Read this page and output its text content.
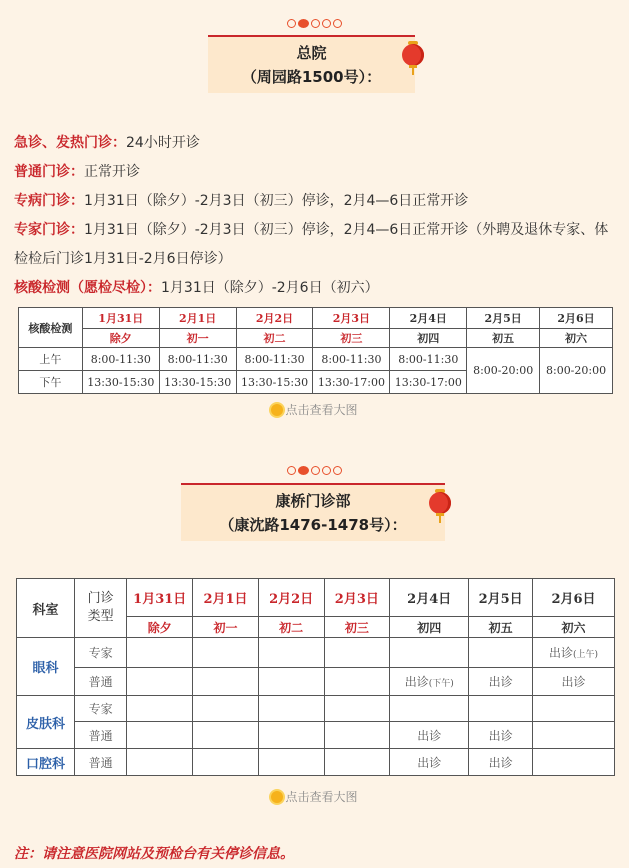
总院
（周园路1500号）：
急诊、发热门诊：24小时开诊
普通门诊：正常开诊
专病门诊：1月31日（除夕）-2月3日（初三）停诊，2月4—6日正常开诊
专家门诊：1月31日（除夕）-2月3日（初三）停诊，2月4—6日正常开诊（外聘及退休专家、体检检后门诊1月31日-2月6日停诊）
核酸检测（愿检尽检）：1月31日（除夕）-2月6日（初六）
核酸检测	1月31日	2月1日	2月2日	2月3日	2月4日	2月5日	2月6日
	除夕	初一	初二	初三	初四	初五	初六
上午	8:00-11:30	8:00-11:30	8:00-11:30	8:00-11:30	8:00-11:30	8:00-20:00	8:00-20:00
下午	13:30-15:30	13:30-15:30	13:30-15:30	13:30-17:00	13:30-17:00		
点击查看大图
康桥门诊部
（康沈路1476-1478号）：
科室	门诊
类型	1月31日	2月1日	2月2日	2月3日	2月4日	2月5日	2月6日
		除夕	初一	初二	初三	初四	初五	初六
眼科	专家							出诊(上午)
	普通					出诊(下午)	出诊	出诊
皮肤科	专家							
	普通					出诊	出诊	
口腔科	普通					出诊	出诊	
点击查看大图
注：请注意医院网站及预检台有关停诊信息。
